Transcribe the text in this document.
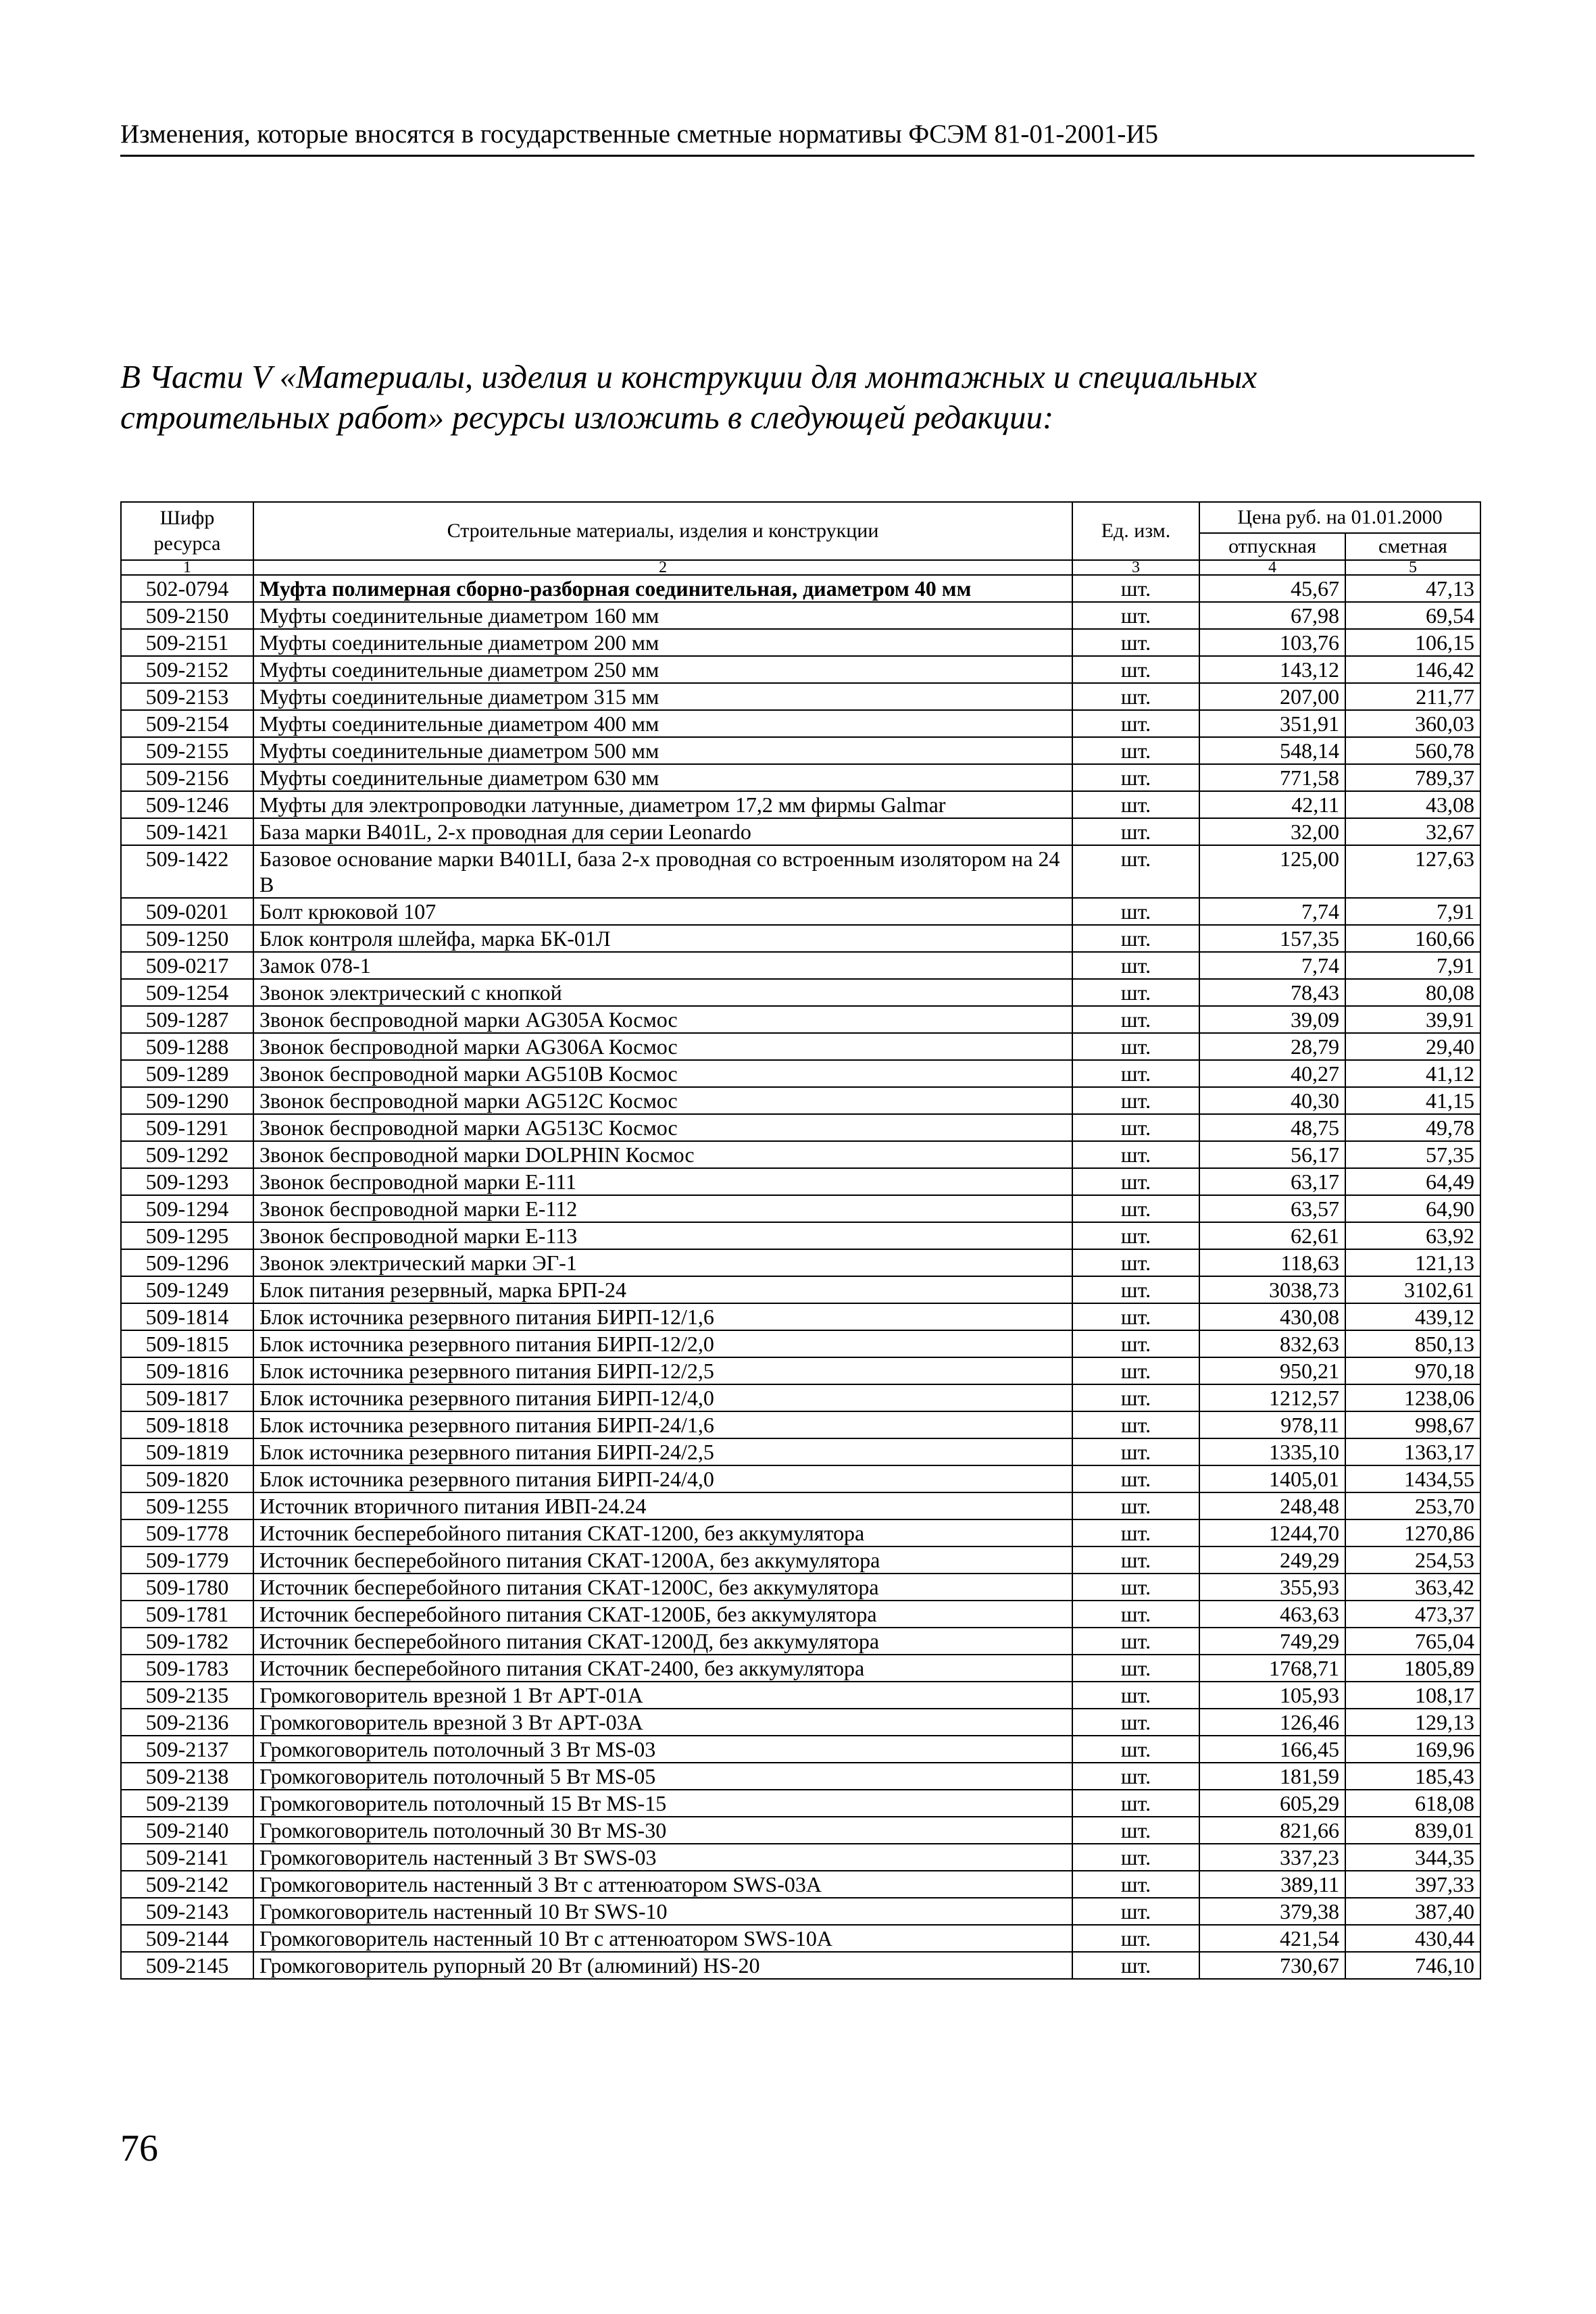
Изменения, которые вносятся в государственные сметные нормативы ФСЭМ 81-01-2001-И5
В Части V «Материалы, изделия и конструкции для монтажных и специальных строительных работ» ресурсы изложить в следующей редакции:
Шифр ресурса	Строительные материалы, изделия и конструкции	Ед. изм.	Цена руб. на 01.01.2000	
			отпускная	сметная
1	2	3	4	5
502-0794	Муфта полимерная сборно-разборная соединительная, диаметром 40 мм	шт.	45,67	47,13
509-2150	Муфты соединительные диаметром 160 мм	шт.	67,98	69,54
509-2151	Муфты соединительные диаметром 200 мм	шт.	103,76	106,15
509-2152	Муфты соединительные диаметром 250 мм	шт.	143,12	146,42
509-2153	Муфты соединительные диаметром 315 мм	шт.	207,00	211,77
509-2154	Муфты соединительные диаметром 400 мм	шт.	351,91	360,03
509-2155	Муфты соединительные диаметром 500 мм	шт.	548,14	560,78
509-2156	Муфты соединительные диаметром 630 мм	шт.	771,58	789,37
509-1246	Муфты для электропроводки латунные, диаметром 17,2 мм фирмы Galmar	шт.	42,11	43,08
509-1421	База марки B401L, 2-х проводная для серии Leonardo	шт.	32,00	32,67
509-1422	Базовое основание марки B401LI, база 2-х проводная со встроенным изолятором на 24 В	шт.	125,00	127,63
509-0201	Болт крюковой 107	шт.	7,74	7,91
509-1250	Блок контроля шлейфа, марка БК-01Л	шт.	157,35	160,66
509-0217	Замок 078-1	шт.	7,74	7,91
509-1254	Звонок электрический с кнопкой	шт.	78,43	80,08
509-1287	Звонок беспроводной марки AG305A Космос	шт.	39,09	39,91
509-1288	Звонок беспроводной марки AG306A Космос	шт.	28,79	29,40
509-1289	Звонок беспроводной марки AG510B Космос	шт.	40,27	41,12
509-1290	Звонок беспроводной марки AG512C Космос	шт.	40,30	41,15
509-1291	Звонок беспроводной марки AG513C Космос	шт.	48,75	49,78
509-1292	Звонок беспроводной марки DOLPHIN Космос	шт.	56,17	57,35
509-1293	Звонок беспроводной марки E-111	шт.	63,17	64,49
509-1294	Звонок беспроводной марки E-112	шт.	63,57	64,90
509-1295	Звонок беспроводной марки E-113	шт.	62,61	63,92
509-1296	Звонок электрический марки ЭГ-1	шт.	118,63	121,13
509-1249	Блок питания резервный, марка БРП-24	шт.	3038,73	3102,61
509-1814	Блок источника резервного питания БИРП-12/1,6	шт.	430,08	439,12
509-1815	Блок источника резервного питания БИРП-12/2,0	шт.	832,63	850,13
509-1816	Блок источника резервного питания БИРП-12/2,5	шт.	950,21	970,18
509-1817	Блок источника резервного питания БИРП-12/4,0	шт.	1212,57	1238,06
509-1818	Блок источника резервного питания БИРП-24/1,6	шт.	978,11	998,67
509-1819	Блок источника резервного питания БИРП-24/2,5	шт.	1335,10	1363,17
509-1820	Блок источника резервного питания БИРП-24/4,0	шт.	1405,01	1434,55
509-1255	Источник вторичного питания ИВП-24.24	шт.	248,48	253,70
509-1778	Источник бесперебойного питания СКАТ-1200, без аккумулятора	шт.	1244,70	1270,86
509-1779	Источник бесперебойного питания СКАТ-1200А, без аккумулятора	шт.	249,29	254,53
509-1780	Источник бесперебойного питания СКАТ-1200С, без аккумулятора	шт.	355,93	363,42
509-1781	Источник бесперебойного питания СКАТ-1200Б, без аккумулятора	шт.	463,63	473,37
509-1782	Источник бесперебойного питания СКАТ-1200Д, без аккумулятора	шт.	749,29	765,04
509-1783	Источник бесперебойного питания СКАТ-2400, без аккумулятора	шт.	1768,71	1805,89
509-2135	Громкоговоритель врезной 1 Вт АРТ-01А	шт.	105,93	108,17
509-2136	Громкоговоритель врезной 3 Вт АРТ-03А	шт.	126,46	129,13
509-2137	Громкоговоритель потолочный 3 Вт MS-03	шт.	166,45	169,96
509-2138	Громкоговоритель потолочный 5 Вт MS-05	шт.	181,59	185,43
509-2139	Громкоговоритель потолочный 15 Вт MS-15	шт.	605,29	618,08
509-2140	Громкоговоритель потолочный 30 Вт MS-30	шт.	821,66	839,01
509-2141	Громкоговоритель настенный 3 Вт SWS-03	шт.	337,23	344,35
509-2142	Громкоговоритель настенный 3 Вт с аттенюатором SWS-03А	шт.	389,11	397,33
509-2143	Громкоговоритель настенный 10 Вт SWS-10	шт.	379,38	387,40
509-2144	Громкоговоритель настенный 10 Вт с аттенюатором SWS-10А	шт.	421,54	430,44
509-2145	Громкоговоритель рупорный 20 Вт (алюминий) HS-20	шт.	730,67	746,10
76
